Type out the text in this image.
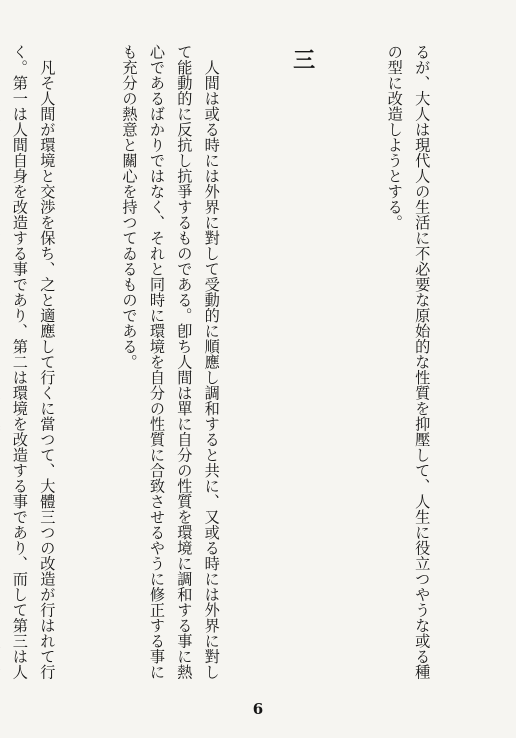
るが、大人は現代人の生活に不必要な原始的な性質を抑壓して、人生に役立つやうな或る種の型に改造しようとする。

三

　人間は或る時には外界に對して受動的に順應し調和すると共に、又或る時には外界に對して能動的に反抗し抗爭するものである。卽ち人間は單に自分の性質を環境に調和する事に熱心であるばかりではなく、それと同時に環境を自分の性質に合致させるやうに修正する事にも充分の熱意と關心を持つてゐるものである。

　凡そ人間が環境と交渉を保ち、之と適應して行くに當つて、大體三つの改造が行はれて行く。第一は人間自身を改造する事であり、第二は環境を改造する事であり、而して第三は人

6
